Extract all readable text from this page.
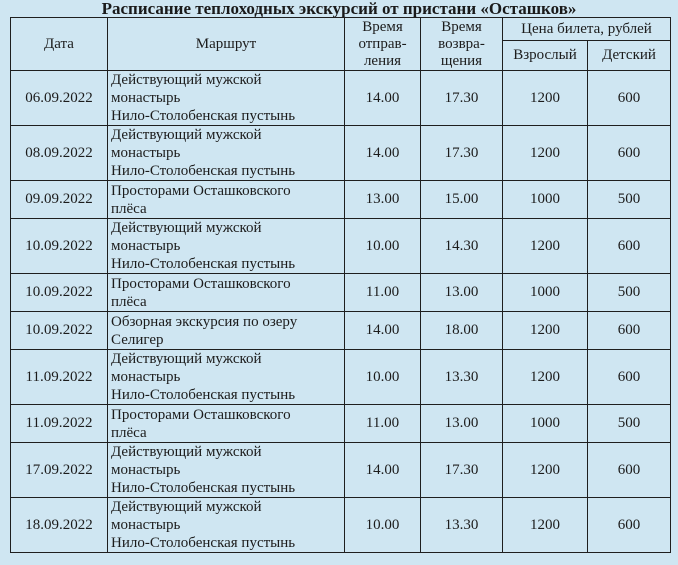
Расписание теплоходных экскурсий от пристани «Осташков»
Дата	Маршрут	Время
отправ-
ления	Время
возвра-
щения	Цена билета, рублей	
				Взрослый	Детский
06.09.2022	Действующий мужской
монастырь
Нило-Столобенская пустынь	14.00	17.30	1200	600
08.09.2022	Действующий мужской
монастырь
Нило-Столобенская пустынь	14.00	17.30	1200	600
09.09.2022	Просторами Осташковского
плёса	13.00	15.00	1000	500
10.09.2022	Действующий мужской
монастырь
Нило-Столобенская пустынь	10.00	14.30	1200	600
10.09.2022	Просторами Осташковского
плёса	11.00	13.00	1000	500
10.09.2022	Обзорная экскурсия по озеру
Селигер	14.00	18.00	1200	600
11.09.2022	Действующий мужской
монастырь
Нило-Столобенская пустынь	10.00	13.30	1200	600
11.09.2022	Просторами Осташковского
плёса	11.00	13.00	1000	500
17.09.2022	Действующий мужской
монастырь
Нило-Столобенская пустынь	14.00	17.30	1200	600
18.09.2022	Действующий мужской
монастырь
Нило-Столобенская пустынь	10.00	13.30	1200	600
